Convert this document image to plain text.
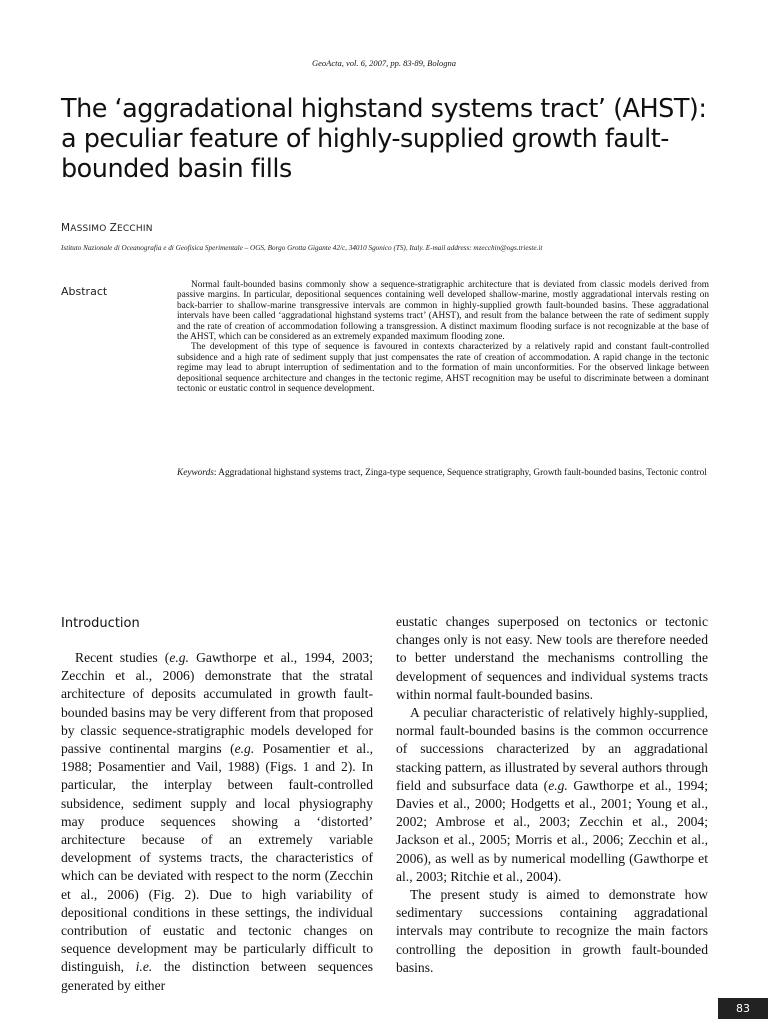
GeoActa, vol. 6, 2007, pp. 83-89, Bologna
The ‘aggradational highstand systems tract’ (AHST): a peculiar feature of highly-supplied growth fault-bounded basin fills
MASSIMO ZECCHIN
Istituto Nazionale di Oceanografia e di Geofisica Sperimentale – OGS, Borgo Grotta Gigante 42/c, 34010 Sgonico (TS), Italy. E-mail address: mzecchin@ogs.trieste.it
Abstract	Normal fault-bounded basins commonly show a sequence-stratigraphic architecture that is deviated from classic models derived from passive margins. In particular, depositional sequences containing well developed shallow-marine, mostly aggradational intervals resting on back-barrier to shallow-marine transgressive intervals are common in highly-supplied growth fault-bounded basins. These aggradational intervals have been called ‘aggradational highstand systems tract’ (AHST), and result from the balance between the rate of sediment supply and the rate of creation of accommodation following a transgression. A distinct maximum flooding surface is not recognizable at the base of the AHST, which can be considered as an extremely expanded maximum flooding zone.

The development of this type of sequence is favoured in contexts characterized by a relatively rapid and constant fault-controlled subsidence and a high rate of sediment supply that just compensates the rate of creation of accommodation. A rapid change in the tectonic regime may lead to abrupt interruption of sedimentation and to the formation of main unconformities. For the observed linkage between depositional sequence architecture and changes in the tectonic regime, AHST recognition may be useful to discriminate between a dominant tectonic or eustatic control in sequence development.

Keywords: Aggradational highstand systems tract, Zinga-type sequence, Sequence stratigraphy, Growth fault-bounded basins, Tectonic control

Introduction

Recent studies (e.g. Gawthorpe et al., 1994, 2003; Zecchin et al., 2006) demonstrate that the stratal architecture of deposits accumulated in growth fault-bounded basins may be very different from that proposed by classic sequence-stratigraphic models developed for passive continental margins (e.g. Posamentier et al., 1988; Posamentier and Vail, 1988) (Figs. 1 and 2). In particular, the interplay between fault-controlled subsidence, sediment supply and local physiography may produce sequences showing a ‘distorted’ architecture because of an extremely variable development of systems tracts, the characteristics of which can be deviated with respect to the norm (Zecchin et al., 2006) (Fig. 2). Due to high variability of depositional conditions in these settings, the individual contribution of eustatic and tectonic changes on sequence development may be particularly difficult to distinguish, i.e. the distinction between sequences generated by either

eustatic changes superposed on tectonics or tectonic changes only is not easy. New tools are therefore needed to better understand the mechanisms controlling the development of sequences and individual systems tracts within normal fault-bounded basins.

A peculiar characteristic of relatively highly-supplied, normal fault-bounded basins is the common occurrence of successions characterized by an aggradational stacking pattern, as illustrated by several authors through field and subsurface data (e.g. Gawthorpe et al., 1994; Davies et al., 2000; Hodgetts et al., 2001; Young et al., 2002; Ambrose et al., 2003; Zecchin et al., 2004; Jackson et al., 2005; Morris et al., 2006; Zecchin et al., 2006), as well as by numerical modelling (Gawthorpe et al., 2003; Ritchie et al., 2004).

The present study is aimed to demonstrate how sedimentary successions containing aggradational intervals may contribute to recognize the main factors controlling the deposition in growth fault-bounded basins.

83
